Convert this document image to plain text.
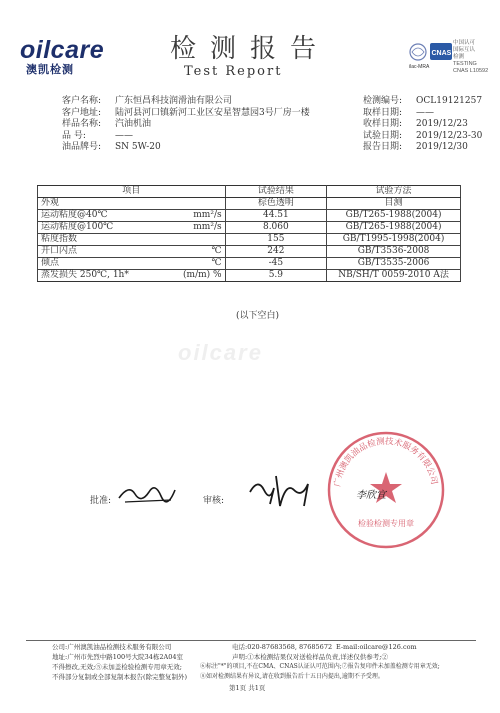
oilcare
澳凯检测
检测报告
Test Report	ilac-MRA
CNAS
中国认可
国际互认
检测
TESTING
CNAS L10592
客户名称: 广东恒昌科技润滑油有限公司
客户地址: 陆河县河口镇新河工业区安星智慧园3号厂房一楼
样品名称: 汽油机油
品 号:	——
油品牌号: SN 5W-20
检测编号: OCL19121257
取样日期: ——
收样日期: 2019/12/23
试验日期: 2019/12/23-30
报告日期: 2019/12/30
项目		试验结果	试验方法
外观		棕色透明	目测
运动粘度@40℃	mm²/s	44.51	GB/T265-1988(2004)
运动粘度@100℃	mm²/s	8.060	GB/T265-1988(2004)
粘度指数		155	GB/T1995-1998(2004)
开口闪点	℃	242	GB/T3536-2008
倾点	℃	-45	GB/T3535-2006
蒸发损失 250℃, 1h*	(m/m) %	5.9	NB/SH/T 0059-2010 A法
(以下空白)
oilcare
批准:	审核:
广州澳凯油品检测技术服务有限公司
检验检测专用章
李欣宜
公司:广州澳凯油品检测技术服务有限公司	电话:020-87683568, 87685672 E-mail:oilcare@126.com
地址:广州市先烈中路100号大院34栋2A04室	声明:①本检测结果仅对送检样品负责,详述仅供参考;②
不得擦改,无效;⑤未加盖检验检测专用章无效;	⑥标注"*"的项目,不在CMA、CNAS认证认可范围内;⑦报告复印件未加盖检测专用章无效;
不得部分复制或全部复制本报告(除完整复制外) ⑧如对检测结果有异议,请在收到报告后十五日内提出,逾期不予受理。
第1页 共1页
